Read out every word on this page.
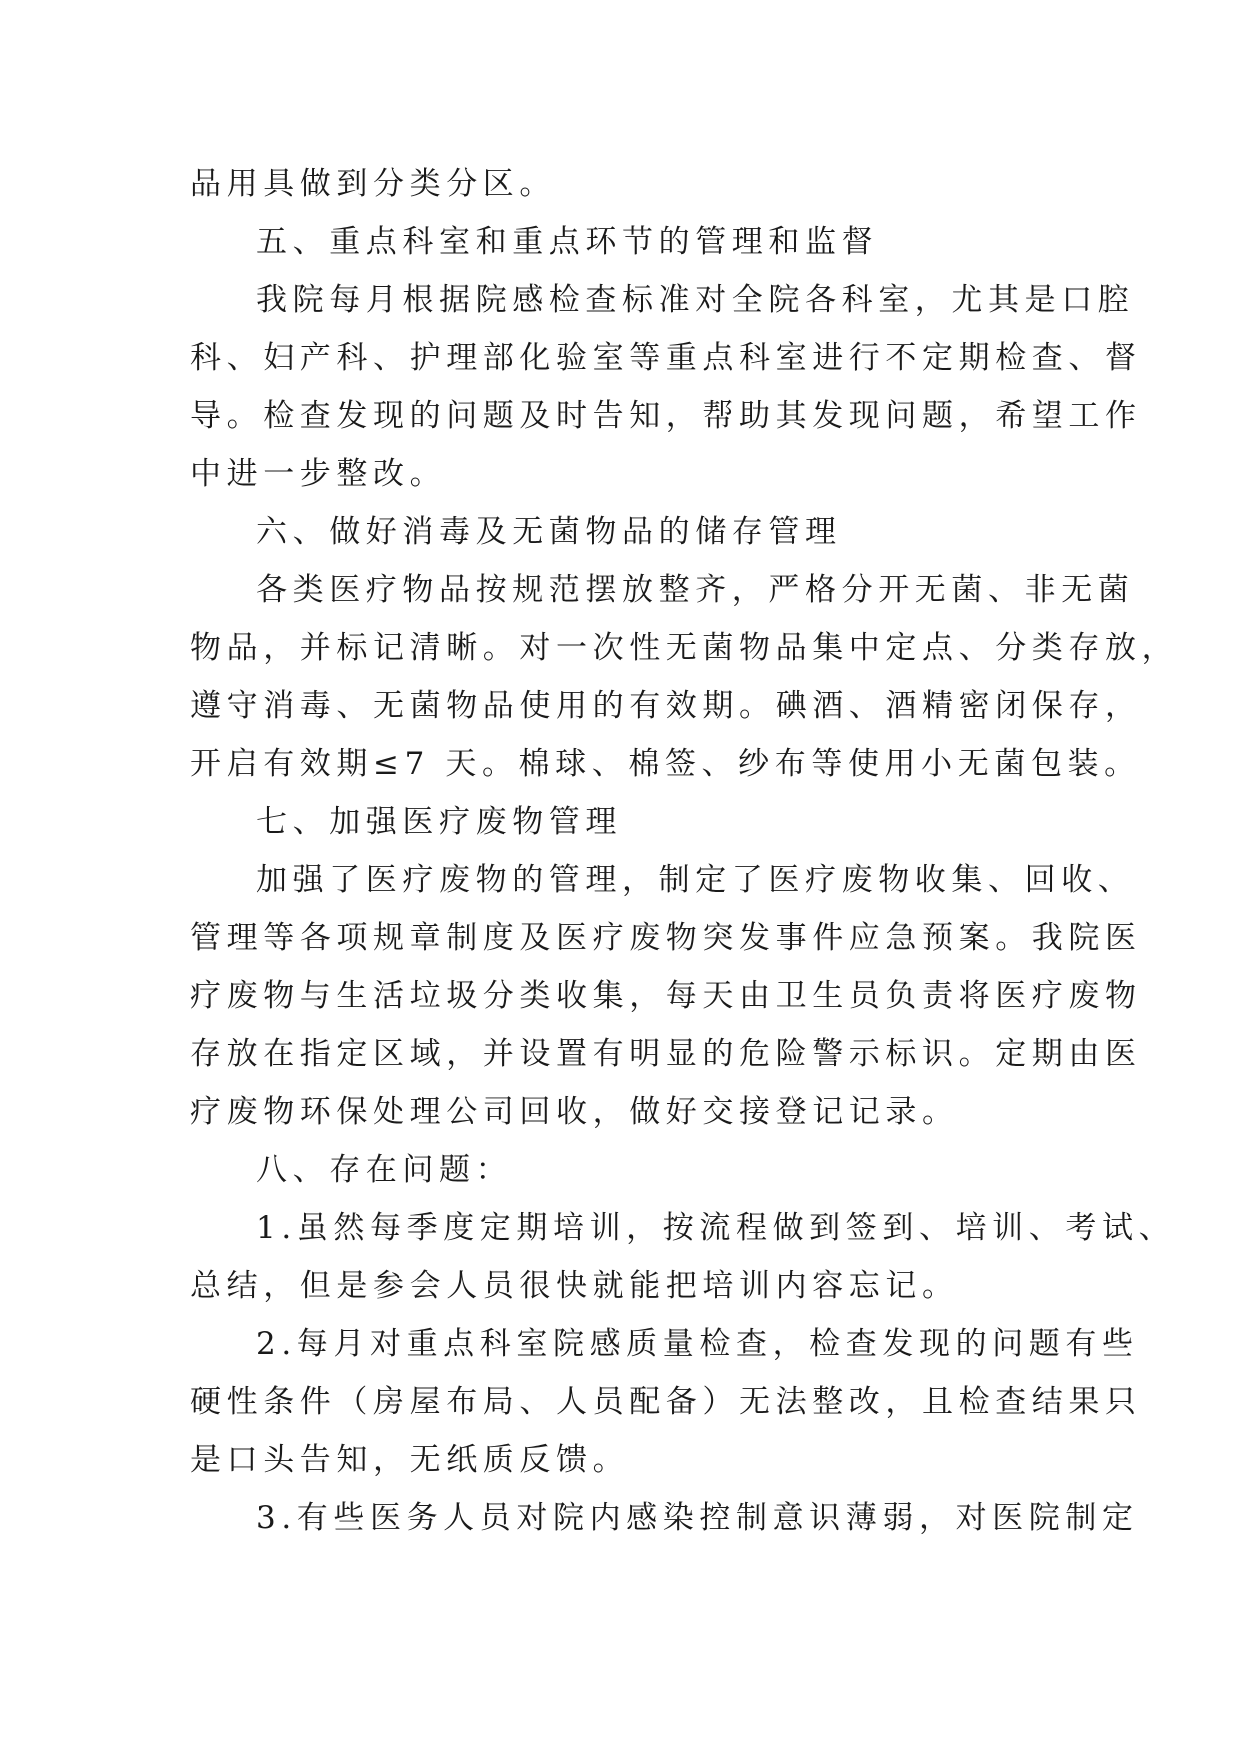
品用具做到分类分区。
五、重点科室和重点环节的管理和监督
我院每月根据院感检查标准对全院各科室，尤其是口腔
科、妇产科、护理部化验室等重点科室进行不定期检查、督
导。检查发现的问题及时告知，帮助其发现问题，希望工作
中进一步整改。
六、做好消毒及无菌物品的储存管理
各类医疗物品按规范摆放整齐，严格分开无菌、非无菌
物品，并标记清晰。对一次性无菌物品集中定点、分类存放，
遵守消毒、无菌物品使用的有效期。碘酒、酒精密闭保存，
开启有效期≤7 天。棉球、棉签、纱布等使用小无菌包装。
七、加强医疗废物管理
加强了医疗废物的管理，制定了医疗废物收集、回收、
管理等各项规章制度及医疗废物突发事件应急预案。我院医
疗废物与生活垃圾分类收集，每天由卫生员负责将医疗废物
存放在指定区域，并设置有明显的危险警示标识。定期由医
疗废物环保处理公司回收，做好交接登记记录。
八、存在问题：
1.虽然每季度定期培训，按流程做到签到、培训、考试、
总结，但是参会人员很快就能把培训内容忘记。
2.每月对重点科室院感质量检查，检查发现的问题有些
硬性条件（房屋布局、人员配备）无法整改，且检查结果只
是口头告知，无纸质反馈。
3.有些医务人员对院内感染控制意识薄弱，对医院制定
